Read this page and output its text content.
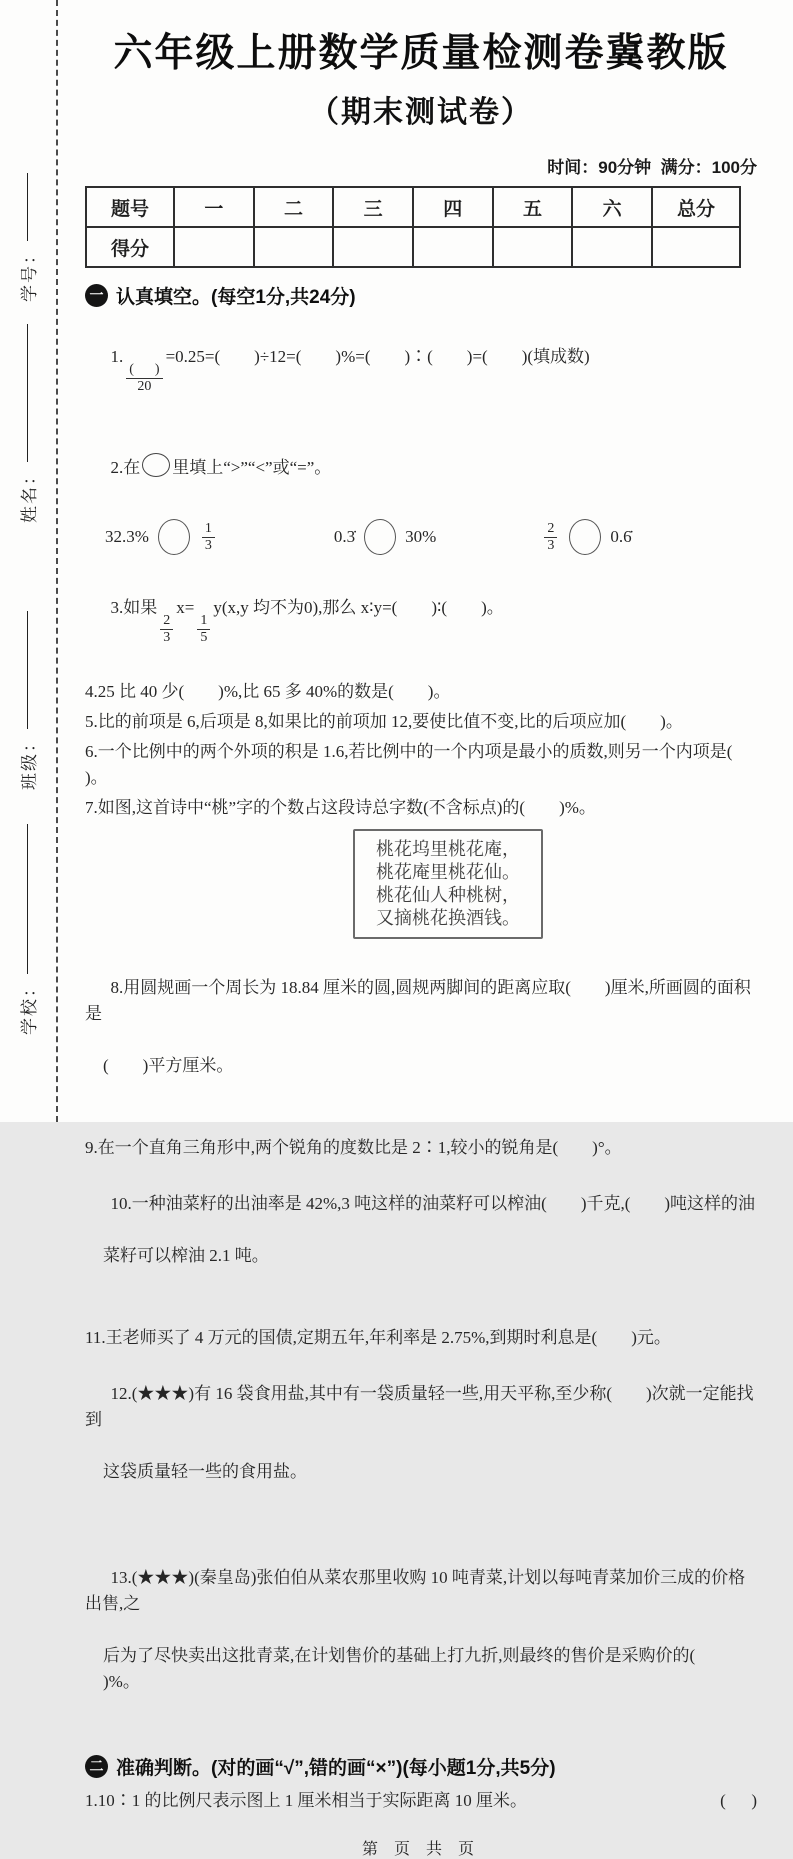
学号：
姓名：
班级：
学校：
六年级上册数学质量检测卷冀教版
（期末测试卷）
时间：90分钟  满分：100分
题号	一	二	三	四	五	六	总分
得分							
一 认真填空。(每空1分,共24分)

1.
$\frac{( )}{20}$
=0.25=(        )÷12=(        )%=(        )∶(        )=(        )(填成数)

2.在 里填上“>”“<”或“=”。

32.3%	$\frac{1}{3}$	0.3̇	30%	$\frac{2}{3}$	0.6̇

3.如果
$\frac{2}{3}$
x=
$\frac{1}{5}$
y(x,y 均不为0),那么 x∶y=(        )∶(        )。

4.25 比 40 少(        )%,比 65 多 40%的数是(        )。
5.比的前项是 6,后项是 8,如果比的前项加 12,要使比值不变,比的后项应加(        )。
6.一个比例中的两个外项的积是 1.6,若比例中的一个内项是最小的质数,则另一个内项是(      )。
7.如图,这首诗中“桃”字的个数占这段诗总字数(不含标点)的(        )%。
桃花坞里桃花庵，
桃花庵里桃花仙。
桃花仙人种桃树，
又摘桃花换酒钱。

8.用圆规画一个周长为 18.84 厘米的圆,圆规两脚间的距离应取(        )厘米,所画圆的面积是

(        )平方厘米。

9.在一个直角三角形中,两个锐角的度数比是 2∶1,较小的锐角是(        )°。

10.一种油菜籽的出油率是 42%,3 吨这样的油菜籽可以榨油(        )千克,(        )吨这样的油

菜籽可以榨油 2.1 吨。

11.王老师买了 4 万元的国债,定期五年,年利率是 2.75%,到期时利息是(        )元。

12.(★★★)有 16 袋食用盐,其中有一袋质量轻一些,用天平称,至少称(        )次就一定能找到

这袋质量轻一些的食用盐。

13.(★★★)(秦皇岛)张伯伯从菜农那里收购 10 吨青菜,计划以每吨青菜加价三成的价格出售,之

后为了尽快卖出这批青菜,在计划售价的基础上打九折,则最终的售价是采购价的(        )%。

二 准确判断。(对的画“√”,错的画“×”)(每小题1分,共5分)
1.10∶1 的比例尺表示图上 1 厘米相当于实际距离 10 厘米。	(      )
第 页 共 页
